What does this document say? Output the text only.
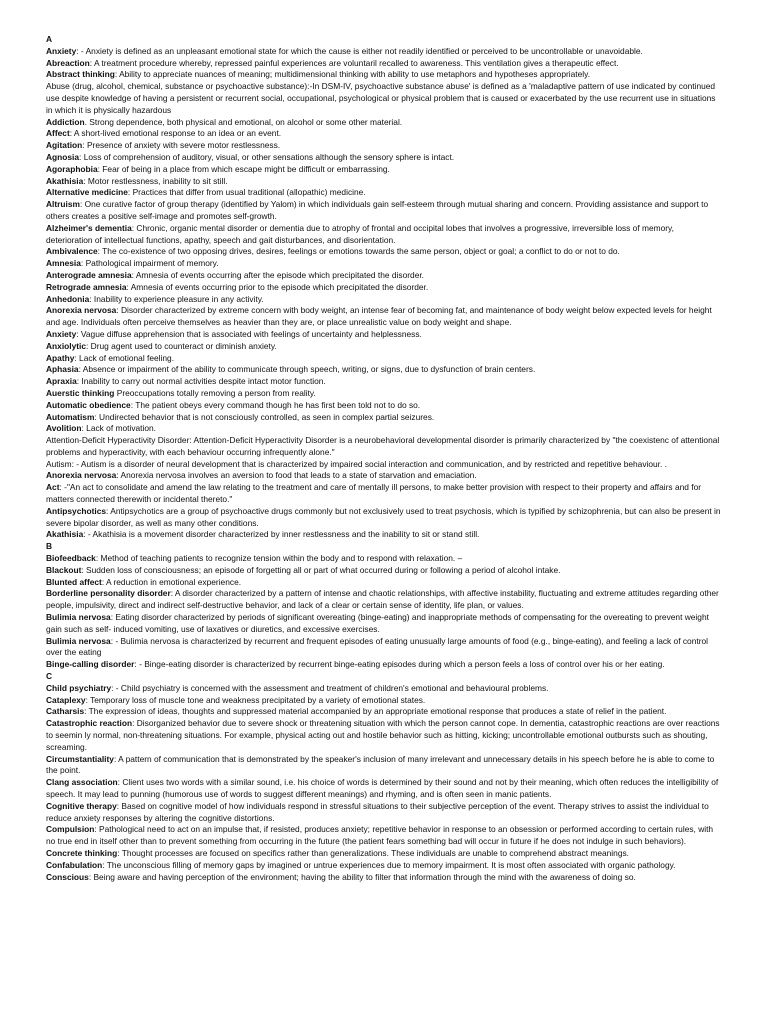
A
Anxiety: - Anxiety is defined as an unpleasant emotional state for which the cause is either not readily identified or perceived to be uncontrollable or unavoidable.
Abreaction: A treatment procedure whereby, repressed painful experiences are voluntaril recalled to awareness. This ventilation gives a therapeutic effect.
Abstract thinking: Ability to appreciate nuances of meaning; multidimensional thinking with ability to use metaphors and hypotheses appropriately.
Abuse (drug, alcohol, chemical, substance or psychoactive substance):-In DSM-IV, psychoactive substance abuse' is defined as a 'maladaptive pattern of use indicated by continued use despite knowledge of having a persistent or recurrent social, occupational, psychological or physical problem that is caused or exacerbated by the use recurrent use in situations in which it is physically hazardous
Addiction. Strong dependence, both physical and emotional, on alcohol or some other material.
Affect: A short-lived emotional response to an idea or an event.
Agitation: Presence of anxiety with severe motor restlessness.
Agnosia: Loss of comprehension of auditory, visual, or other sensations although the sensory sphere is intact.
Agoraphobia: Fear of being in a place from which escape might be difficult or embarrassing.
Akathisia: Motor restlessness, inability to sit still.
Alternative medicine: Practices that differ from usual traditional (allopathic) medicine.
Altruism: One curative factor of group therapy (identified by Yalom) in which individuals gain self-esteem through mutual sharing and concern. Providing assistance and support to others creates a positive self-image and promotes self-growth.
Alzheimer's dementia: Chronic, organic mental disorder or dementia due to atrophy of frontal and occipital lobes that involves a progressive, irreversible loss of memory, deterioration of intellectual functions, apathy, speech and gait disturbances, and disorientation.
Ambivalence: The co-existence of two opposing drives, desires, feelings or emotions towards the same person, object or goal; a conflict to do or not to do.
Amnesia: Pathological impairment of memory.
Anterograde amnesia: Amnesia of events occurring after the episode which precipitated the disorder.
Retrograde amnesia: Amnesia of events occurring prior to the episode which precipitated the disorder.
Anhedonia: Inability to experience pleasure in any activity.
Anorexia nervosa: Disorder characterized by extreme concern with body weight, an intense fear of becoming fat, and maintenance of body weight below expected levels for height and age. Individuals often perceive themselves as heavier than they are, or place unrealistic value on body weight and shape.
Anxiety: Vague diffuse apprehension that is associated with feelings of uncertainty and helplessness.
Anxiolytic: Drug agent used to counteract or diminish anxiety.
Apathy: Lack of emotional feeling.
Aphasia: Absence or impairment of the ability to communicate through speech, writing, or signs, due to dysfunction of brain centers.
Apraxia: Inability to carry out normal activities despite intact motor function.
Auerstic thinking Preoccupations totally removing a person from reality.
Automatic obedience: The patient obeys every command though he has first been told not to do so.
Automatism: Undirected behavior that is not consciously controlled, as seen in complex partial seizures.
Avolition: Lack of motivation.
Attention-Deficit Hyperactivity Disorder: Attention-Deficit Hyperactivity Disorder is a neurobehavioral developmental disorder is primarily characterized by "the coexistenc of attentional problems and hyperactivity, with each behaviour occurring infrequently alone."
Autism: - Autism is a disorder of neural development that is characterized by impaired social interaction and communication, and by restricted and repetitive behaviour. .
Anorexia nervosa: Anorexia nervosa involves an aversion to food that leads to a state of starvation and emaciation.
Act: -"An act to consolidate and amend the law relating to the treatment and care of mentally ill persons, to make better provision with respect to their property and affairs and for matters connected therewith or incidental thereto."
Antipsychotics: Antipsychotics are a group of psychoactive drugs commonly but not exclusively used to treat psychosis, which is typified by schizophrenia, but can also be present in severe bipolar disorder, as well as many other conditions.
Akathisia: - Akathisia is a movement disorder characterized by inner restlessness and the inability to sit or stand still.
B
Biofeedback: Method of teaching patients to recognize tension within the body and to respond with relaxation. –
Blackout: Sudden loss of consciousness; an episode of forgetting all or part of what occurred during or following a period of alcohol intake.
Blunted affect: A reduction in emotional experience.
Borderline personality disorder: A disorder characterized by a pattern of intense and chaotic relationships, with affective instability, fluctuating and extreme attitudes regarding other people, impulsivity, direct and indirect self-destructive behavior, and lack of a clear or certain sense of identity, life plan, or values.
Bulimia nervosa: Eating disorder characterized by periods of significant overeating (binge-eating) and inappropriate methods of compensating for the overeating to prevent weight gain such as self- induced vomiting, use of laxatives or diuretics, and excessive exercises.
Bulimia nervosa: - Bulimia nervosa is characterized by recurrent and frequent episodes of eating unusually large amounts of food (e.g., binge-eating), and feeling a lack of control over the eating
Binge-calling disorder: - Binge-eating disorder is characterized by recurrent binge-eating episodes during which a person feels a loss of control over his or her eating.
C
Child psychiatry: - Child psychiatry is concerned with the assessment and treatment of children's emotional and behavioural problems.
Cataplexy: Temporary loss of muscle tone and weakness precipitated by a variety of emotional states.
Catharsis: The expression of ideas, thoughts and suppressed material accompanied by an appropriate emotional response that produces a state of relief in the patient.
Catastrophic reaction: Disorganized behavior due to severe shock or threatening situation with which the person cannot cope. In dementia, catastrophic reactions are over reactions to seemin ly normal, non-threatening situations. For example, physical acting out and hostile behavior such as hitting, kicking; uncontrollable emotional outbursts such as shouting, screaming.
Circumstantiality: A pattern of communication that is demonstrated by the speaker's inclusion of many irrelevant and unnecessary details in his speech before he is able to come to the point.
Clang association: Client uses two words with a similar sound, i.e. his choice of words is determined by their sound and not by their meaning, which often reduces the intelligibility of speech. It may lead to punning (humorous use of words to suggest different meanings) and rhyming, and is often seen in manic patients.
Cognitive therapy: Based on cognitive model of how individuals respond in stressful situations to their subjective perception of the event. Therapy strives to assist the individual to reduce anxiety responses by altering the cognitive distortions.
Compulsion: Pathological need to act on an impulse that, if resisted, produces anxiety; repetitive behavior in response to an obsession or performed according to certain rules, with no true end in itself other than to prevent something from occurring in the future (the patient fears something bad will occur in future if he does not indulge in such behaviors).
Concrete thinking: Thought processes are focused on specifics rather than generalizations. These individuals are unable to comprehend abstract meanings.
Confabulation: The unconscious filling of memory gaps by imagined or untrue experiences due to memory impairment. It is most often associated with organic pathology.
Conscious: Being aware and having perception of the environment; having the ability to filter that information through the mind with the awareness of doing so.
